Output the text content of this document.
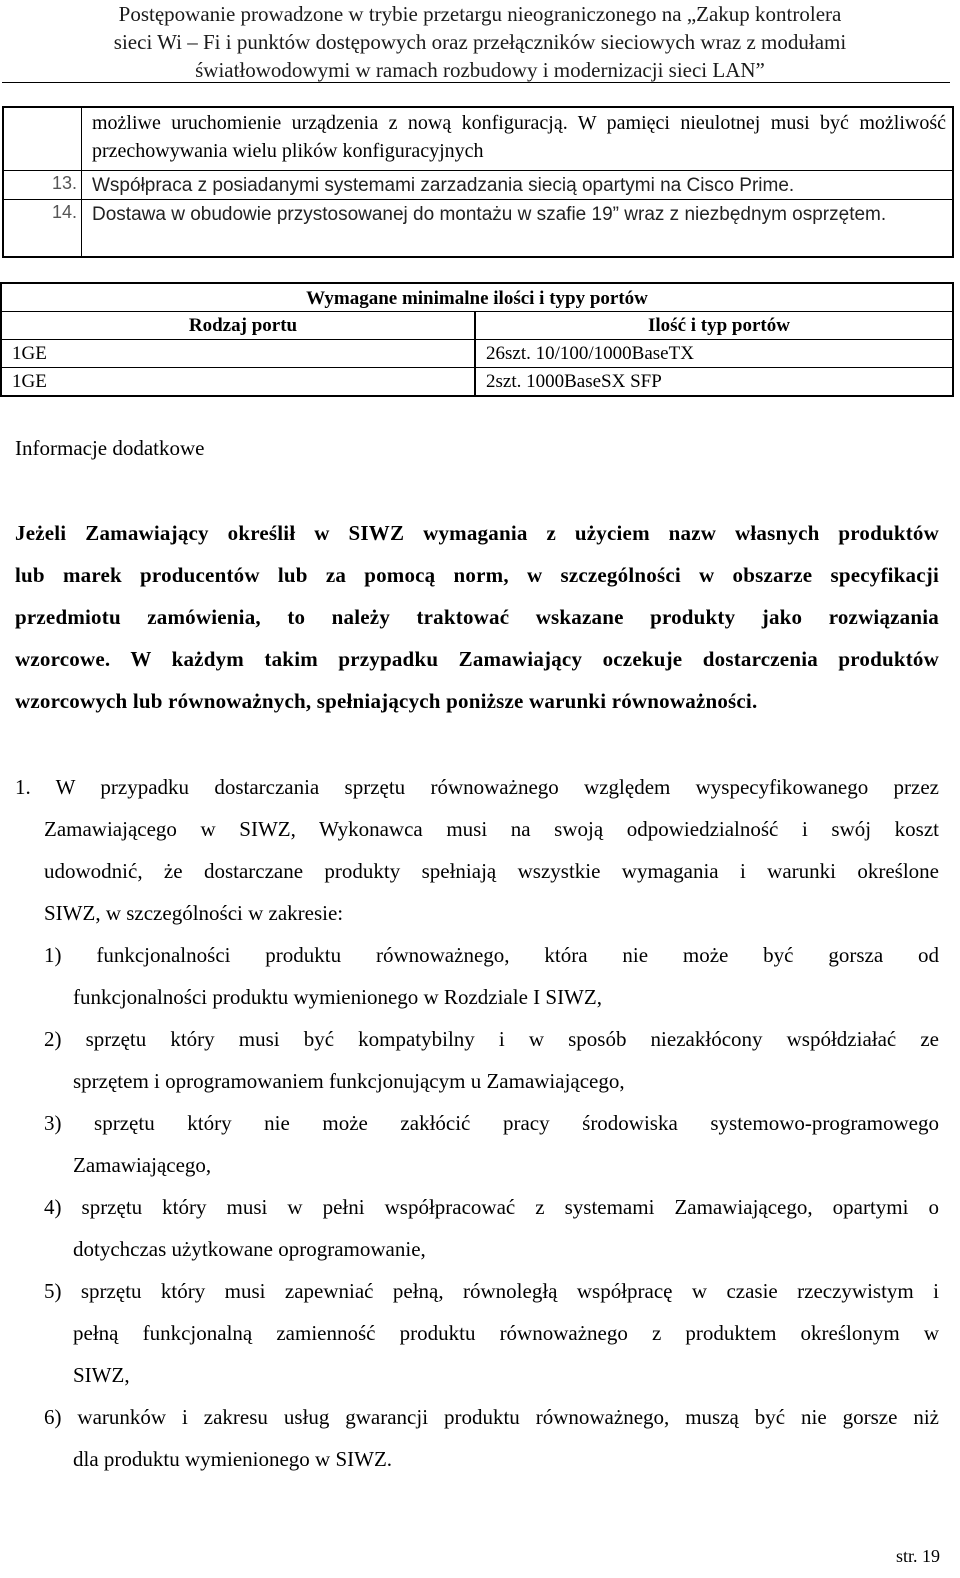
Postępowanie prowadzone w trybie przetargu nieograniczonego na „Zakup kontrolera
sieci Wi – Fi i punktów dostępowych oraz przełączników sieciowych wraz z modułami
światłowodowymi w ramach rozbudowy i modernizacji sieci LAN”
możliwe uruchomienie urządzenia z nową konfiguracją. W pamięci nieulotnej musi być możliwość przechowywania wielu plików konfiguracyjnych
13. Współpraca z posiadanymi systemami zarzadzania siecią opartymi na Cisco Prime.
14. Dostawa w obudowie przystosowanej do montażu w szafie 19” wraz z niezbędnym osprzętem.
Wymagane minimalne ilości i typy portów
Rodzaj portu	Ilość i typ portów
1GE	26szt. 10/100/1000BaseTX
1GE	2szt. 1000BaseSX SFP
Informacje dodatkowe
Jeżeli Zamawiający określił w SIWZ wymagania z użyciem nazw własnych produktów
lub marek producentów lub za pomocą norm, w szczególności w obszarze specyfikacji
przedmiotu zamówienia, to należy traktować wskazane produkty jako rozwiązania
wzorcowe. W każdym takim przypadku Zamawiający oczekuje dostarczenia produktów
wzorcowych lub równoważnych, spełniających poniższe warunki równoważności.
1. W przypadku dostarczania sprzętu równoważnego względem wyspecyfikowanego przez
Zamawiającego w SIWZ, Wykonawca musi na swoją odpowiedzialność i swój koszt
udowodnić, że dostarczane produkty spełniają wszystkie wymagania i warunki określone
SIWZ, w szczególności w zakresie:
1) funkcjonalności produktu równoważnego, która nie może być gorsza od
funkcjonalności produktu wymienionego w Rozdziale I SIWZ,
2) sprzętu który musi być kompatybilny i w sposób niezakłócony współdziałać ze
sprzętem i oprogramowaniem funkcjonującym u Zamawiającego,
3) sprzętu który nie może zakłócić pracy środowiska systemowo-programowego
Zamawiającego,
4) sprzętu który musi w pełni współpracować z systemami Zamawiającego, opartymi o
dotychczas użytkowane oprogramowanie,
5) sprzętu który musi zapewniać pełną, równoległą współpracę w czasie rzeczywistym i
pełną funkcjonalną zamienność produktu równoważnego z produktem określonym w
SIWZ,
6) warunków i zakresu usług gwarancji produktu równoważnego, muszą być nie gorsze niż
dla produktu wymienionego w SIWZ.
str. 19
